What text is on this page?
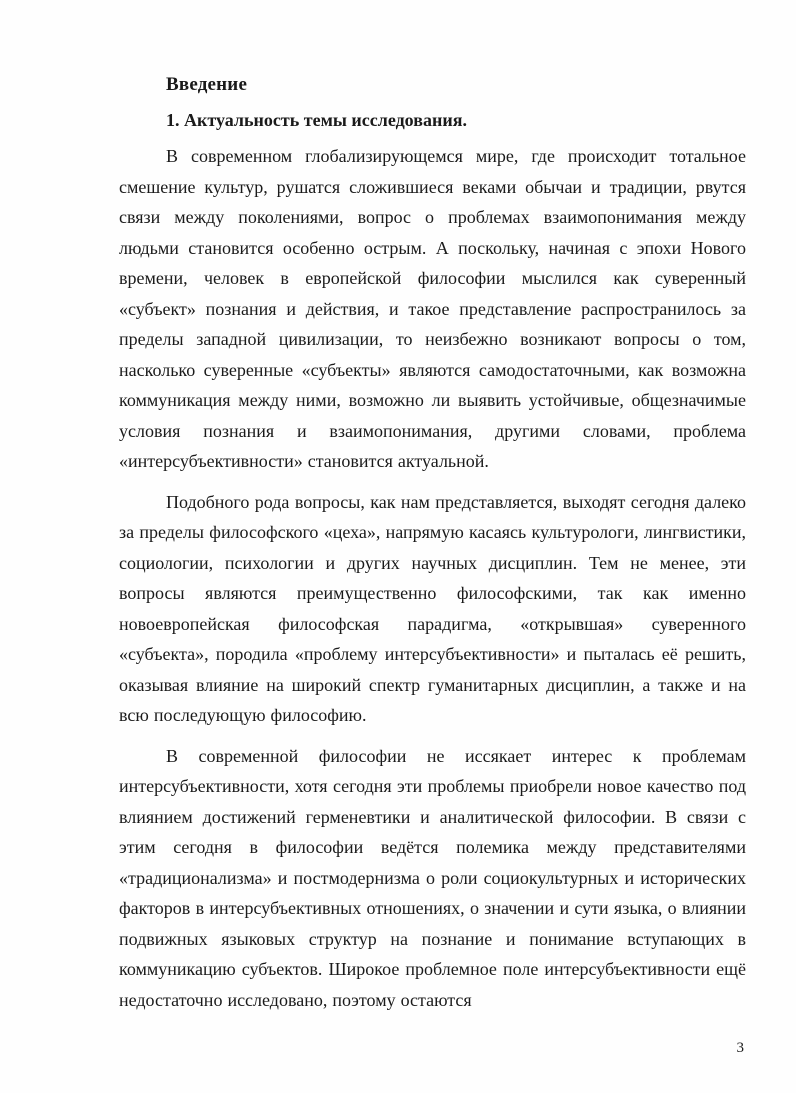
Введение
1. Актуальность темы исследования.

В современном глобализирующемся мире, где происходит тотальное смешение культур, рушатся сложившиеся веками обычаи и традиции, рвутся связи между поколениями, вопрос о проблемах взаимопонимания между людьми становится особенно острым. А поскольку, начиная с эпохи Нового времени, человек в европейской философии мыслился как суверенный «субъект» познания и действия, и такое представление распространилось за пределы западной цивилизации, то неизбежно возникают вопросы о том, насколько суверенные «субъекты» являются самодостаточными, как возможна коммуникация между ними, возможно ли выявить устойчивые, общезначимые условия познания и взаимопонимания, другими словами, проблема «интерсубъективности» становится актуальной.

Подобного рода вопросы, как нам представляется, выходят сегодня далеко за пределы философского «цеха», напрямую касаясь культурологи, лингвистики, социологии, психологии и других научных дисциплин. Тем не менее, эти вопросы являются преимущественно философскими, так как именно новоевропейская философская парадигма, «открывшая» суверенного «субъекта», породила «проблему интерсубъективности» и пыталась её решить, оказывая влияние на широкий спектр гуманитарных дисциплин, а также и на всю последующую философию.

В современной философии не иссякает интерес к проблемам интерсубъективности, хотя сегодня эти проблемы приобрели новое качество под влиянием достижений герменевтики и аналитической философии. В связи с этим сегодня в философии ведётся полемика между представителями «традиционализма» и постмодернизма о роли социокультурных и исторических факторов в интерсубъективных отношениях, о значении и сути языка, о влиянии подвижных языковых структур на познание и понимание вступающих в коммуникацию субъектов. Широкое проблемное поле интерсубъективности ещё недостаточно исследовано, поэтому остаются

3
